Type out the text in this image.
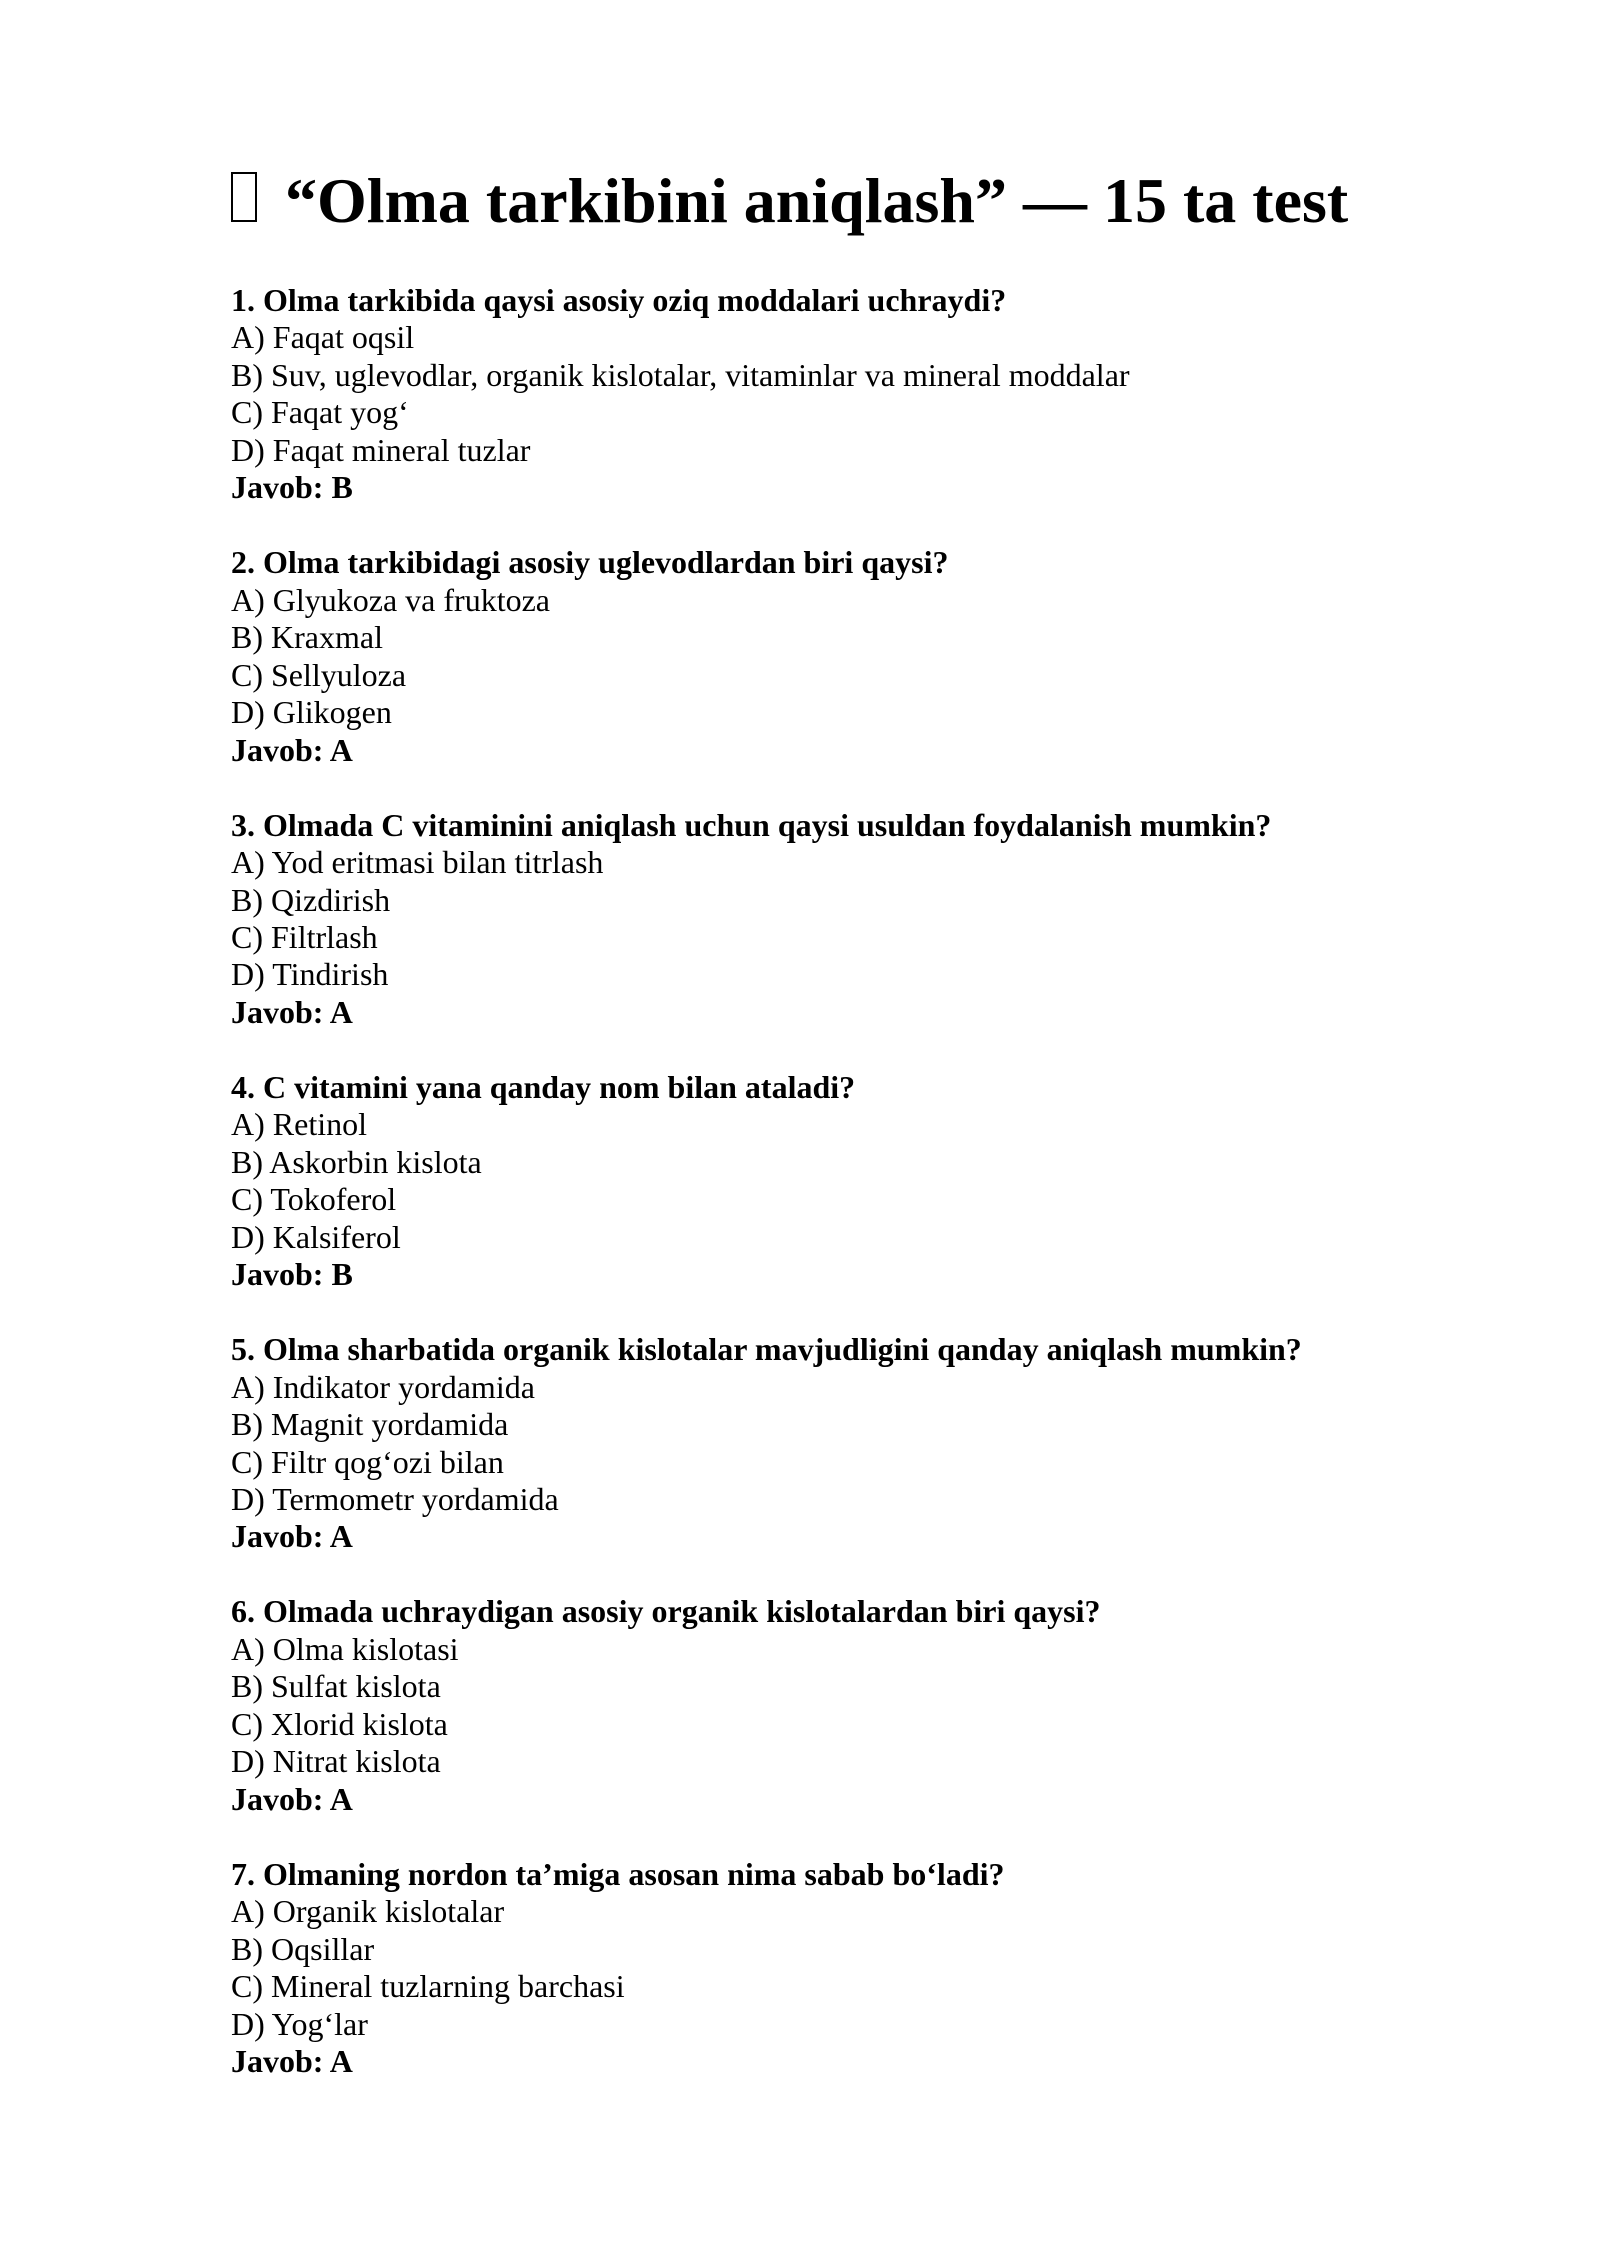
“Olma tarkibini aniqlash” — 15 ta test
1. Olma tarkibida qaysi asosiy oziq moddalari uchraydi?
A) Faqat oqsil
B) Suv, uglevodlar, organik kislotalar, vitaminlar va mineral moddalar
C) Faqat yog‘
D) Faqat mineral tuzlar
Javob: B
2. Olma tarkibidagi asosiy uglevodlardan biri qaysi?
A) Glyukoza va fruktoza
B) Kraxmal
C) Sellyuloza
D) Glikogen
Javob: A
3. Olmada C vitaminini aniqlash uchun qaysi usuldan foydalanish mumkin?
A) Yod eritmasi bilan titrlash
B) Qizdirish
C) Filtrlash
D) Tindirish
Javob: A
4. C vitamini yana qanday nom bilan ataladi?
A) Retinol
B) Askorbin kislota
C) Tokoferol
D) Kalsiferol
Javob: B
5. Olma sharbatida organik kislotalar mavjudligini qanday aniqlash mumkin?
A) Indikator yordamida
B) Magnit yordamida
C) Filtr qog‘ozi bilan
D) Termometr yordamida
Javob: A
6. Olmada uchraydigan asosiy organik kislotalardan biri qaysi?
A) Olma kislotasi
B) Sulfat kislota
C) Xlorid kislota
D) Nitrat kislota
Javob: A
7. Olmaning nordon ta’miga asosan nima sabab bo‘ladi?
A) Organik kislotalar
B) Oqsillar
C) Mineral tuzlarning barchasi
D) Yog‘lar
Javob: A
